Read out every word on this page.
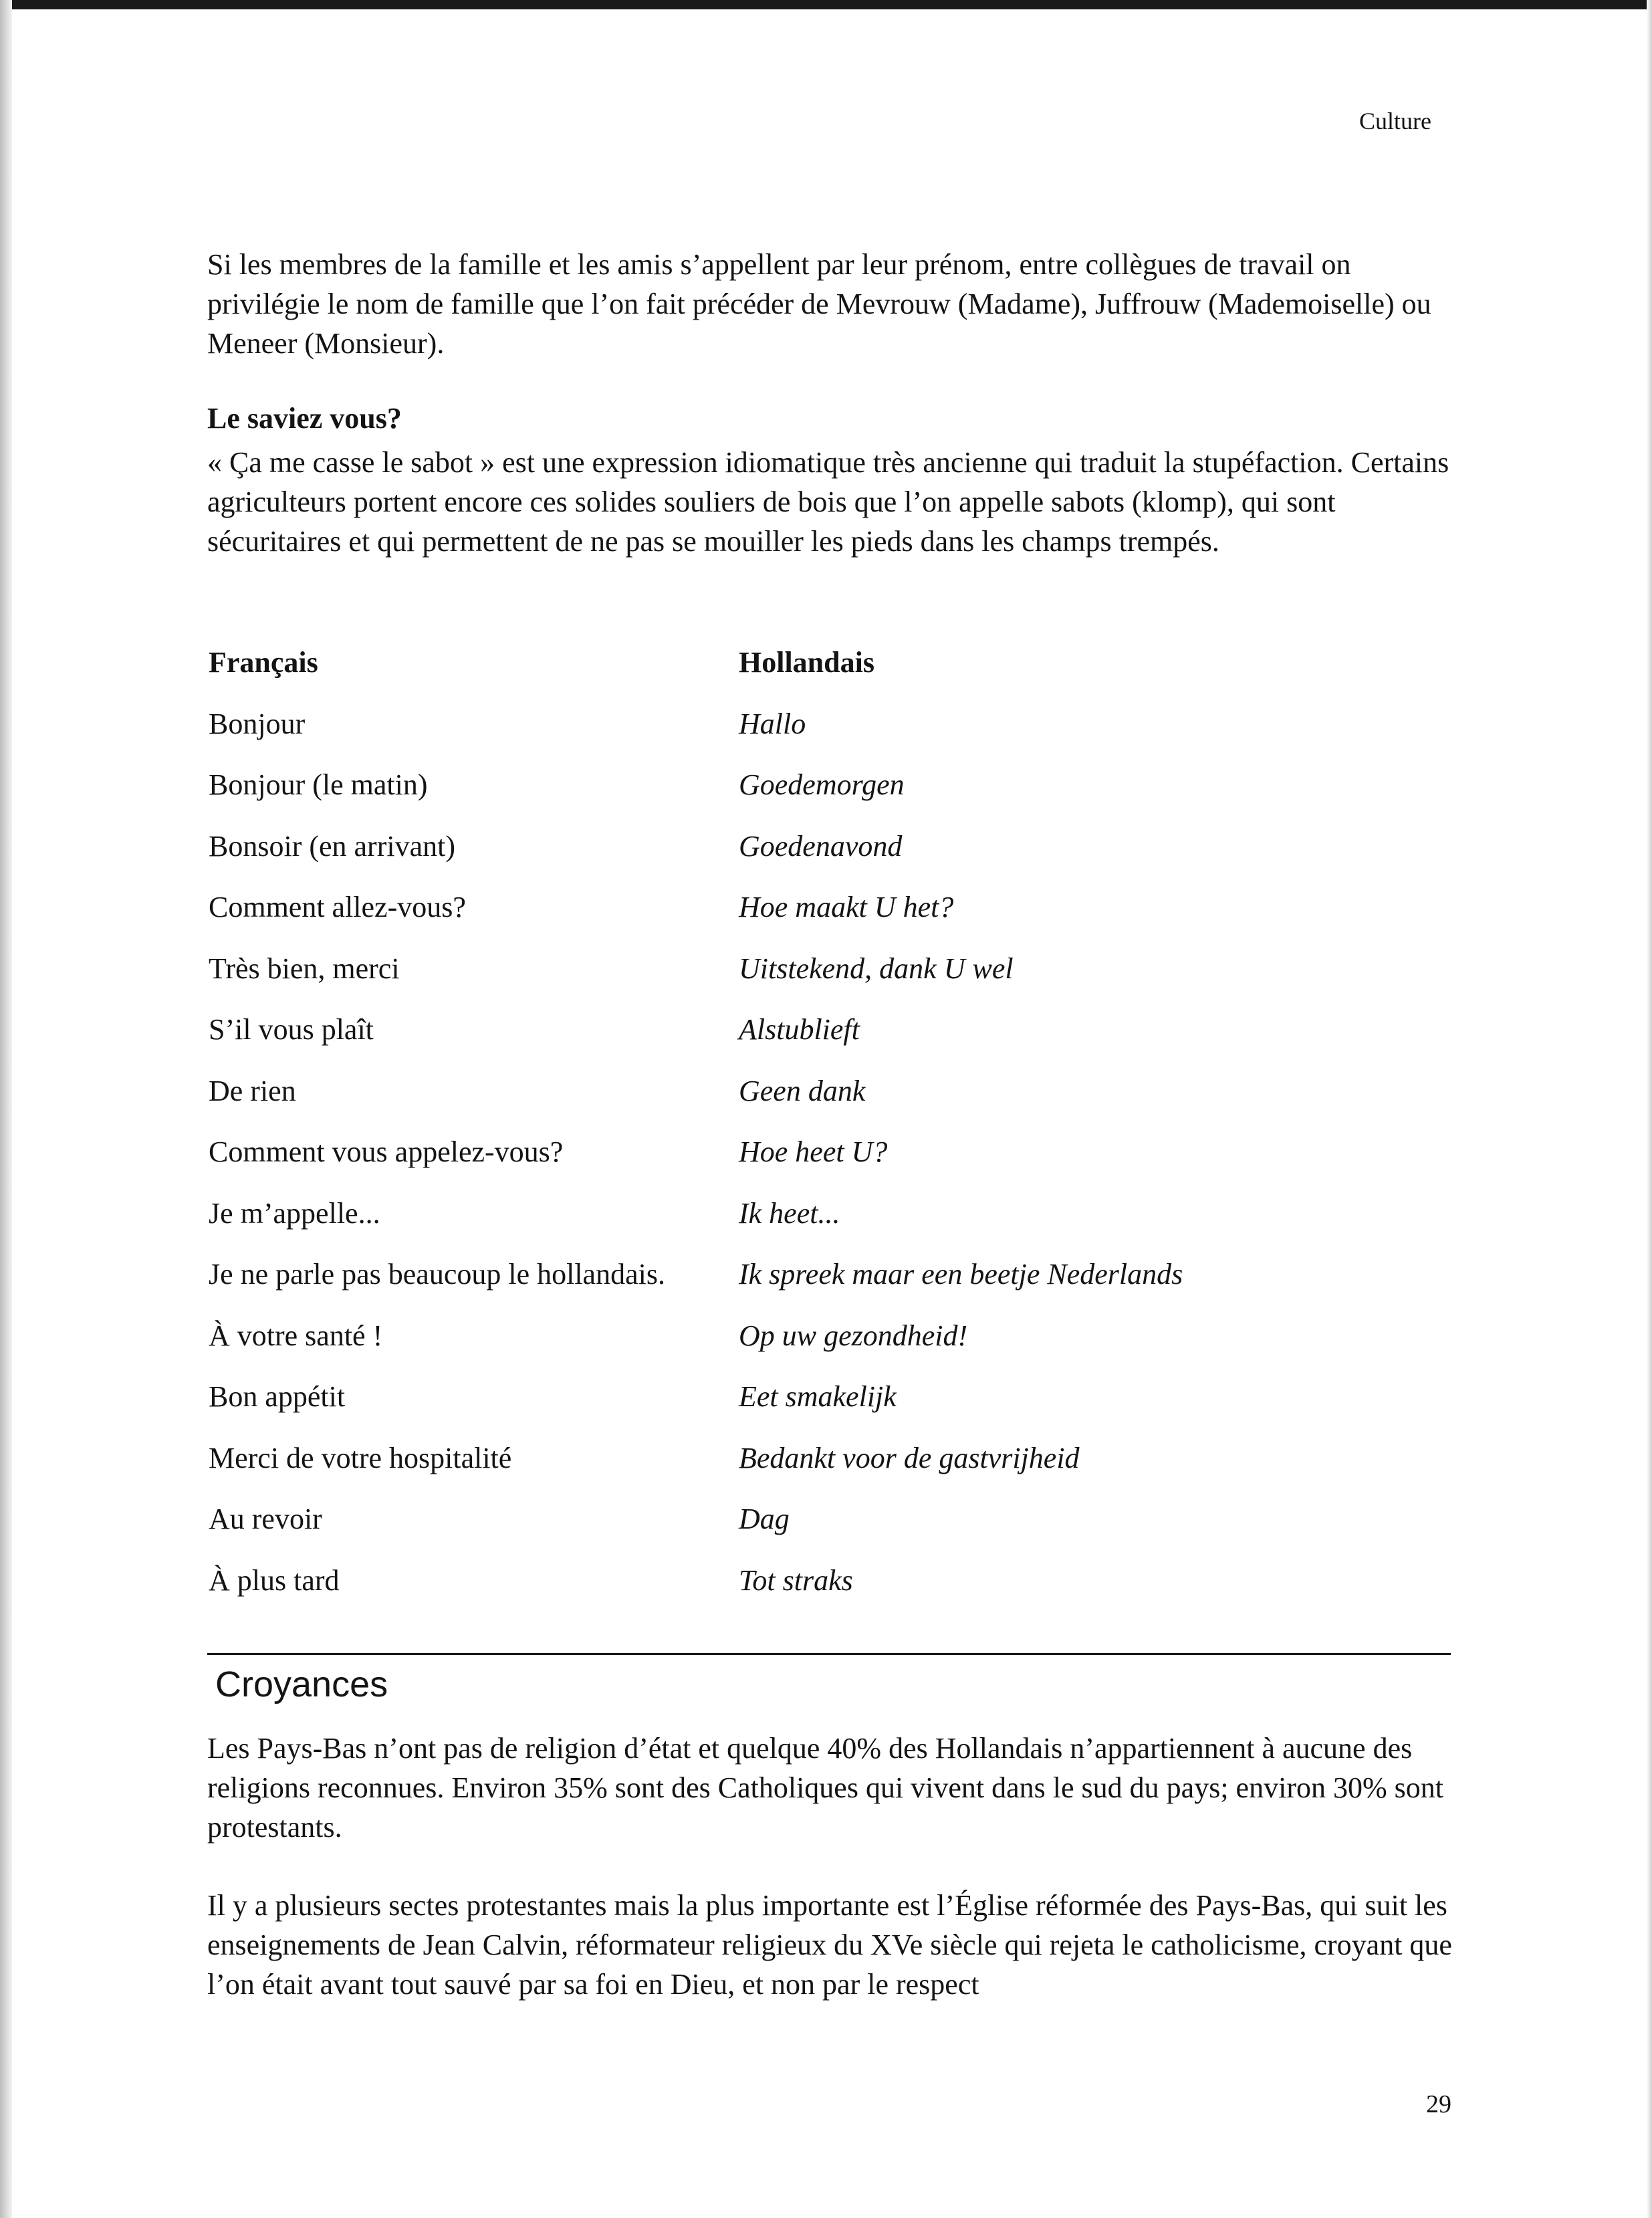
Culture

Si les membres de la famille et les amis s’appellent par leur prénom, entre collègues de travail on privilégie le nom de famille que l’on fait précéder de Mevrouw (Madame), Juffrouw (Mademoiselle) ou Meneer (Monsieur).

Le saviez vous?

« Ça me casse le sabot » est une expression idiomatique très ancienne qui traduit la stupéfaction. Certains agriculteurs portent encore ces solides souliers de bois que l’on appelle sabots (klomp), qui sont sécuritaires et qui permettent de ne pas se mouiller les pieds dans les champs trempés.

Français	Hollandais
Bonjour	Hallo
Bonjour (le matin)	Goedemorgen
Bonsoir (en arrivant)	Goedenavond
Comment allez-vous?	Hoe maakt U het?
Très bien, merci	Uitstekend, dank U wel
S’il vous plaît	Alstublieft
De rien	Geen dank
Comment vous appelez-vous?	Hoe heet U?
Je m’appelle...	Ik heet...
Je ne parle pas beaucoup le hollandais.	Ik spreek maar een beetje Nederlands
À votre santé !	Op uw gezondheid!
Bon appétit	Eet smakelijk
Merci de votre hospitalité	Bedankt voor de gastvrijheid
Au revoir	Dag
À plus tard	Tot straks
Croyances

Les Pays-Bas n’ont pas de religion d’état et quelque 40% des Hollandais n’appartiennent à aucune des religions reconnues. Environ 35% sont des Catholiques qui vivent dans le sud du pays; environ 30% sont protestants.

Il y a plusieurs sectes protestantes mais la plus importante est l’Église réformée des Pays-Bas, qui suit les enseignements de Jean Calvin, réformateur religieux du XVe siècle qui rejeta le catholicisme, croyant que l’on était avant tout sauvé par sa foi en Dieu, et non par le respect

29
